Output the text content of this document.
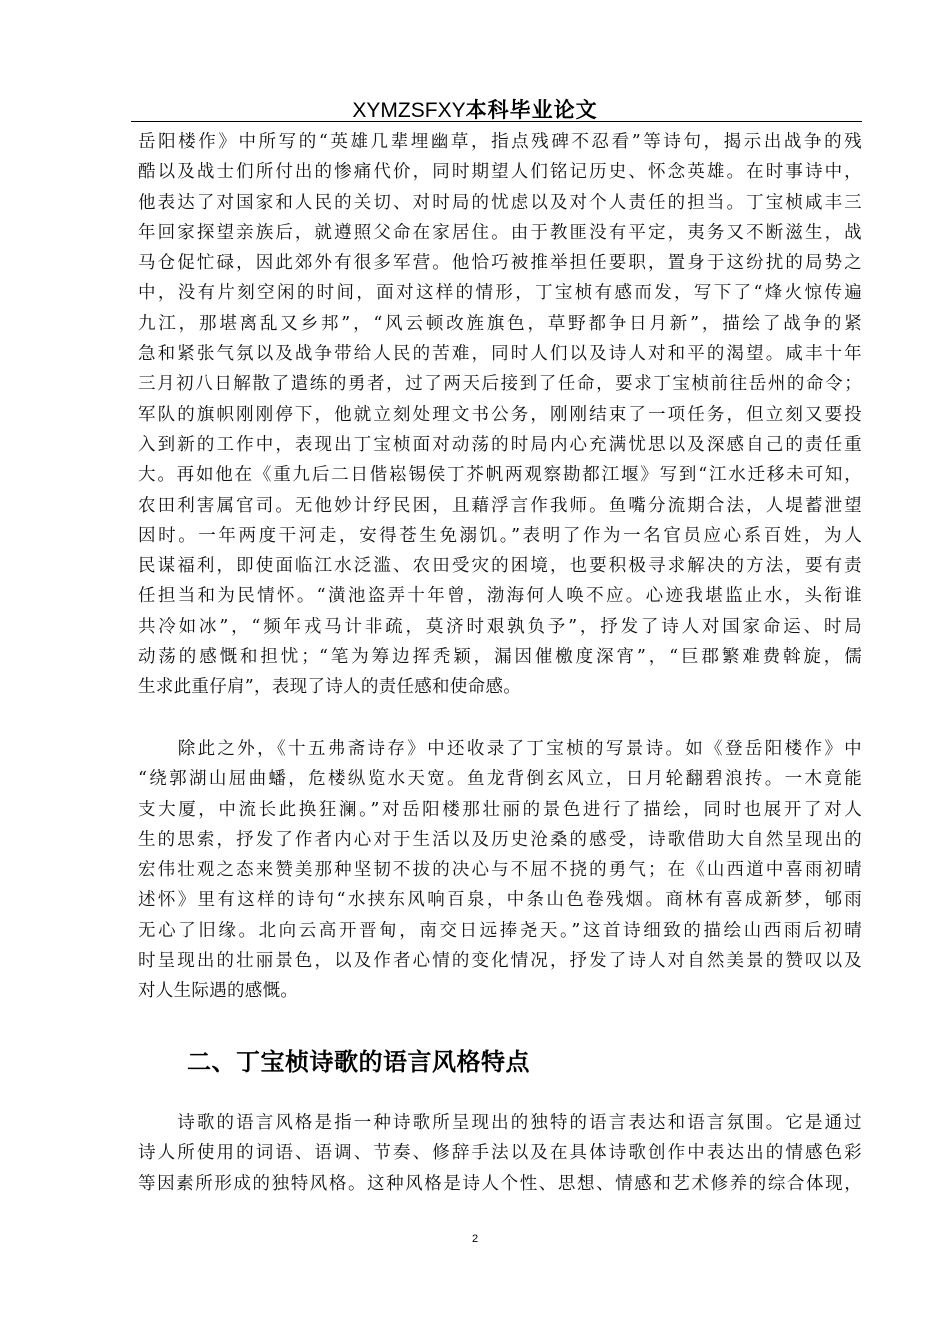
XYMZSFXY本科毕业论文
岳阳楼作》中所写的“英雄几辈埋幽草，指点残碑不忍看”等诗句，揭示出战争的残
酷以及战士们所付出的惨痛代价，同时期望人们铭记历史、怀念英雄。在时事诗中，
他表达了对国家和人民的关切、对时局的忧虑以及对个人责任的担当。丁宝桢咸丰三
年回家探望亲族后，就遵照父命在家居住。由于教匪没有平定，夷务又不断滋生，战
马仓促忙碌，因此郊外有很多军营。他恰巧被推举担任要职，置身于这纷扰的局势之
中，没有片刻空闲的时间，面对这样的情形，丁宝桢有感而发，写下了“烽火惊传遍
九江，那堪离乱又乡邦”，“风云顿改旌旗色，草野都争日月新”，描绘了战争的紧
急和紧张气氛以及战争带给人民的苦难，同时人们以及诗人对和平的渴望。咸丰十年
三月初八日解散了遣练的勇者，过了两天后接到了任命，要求丁宝桢前往岳州的命令；
军队的旗帜刚刚停下，他就立刻处理文书公务，刚刚结束了一项任务，但立刻又要投
入到新的工作中，表现出丁宝桢面对动荡的时局内心充满忧思以及深感自己的责任重
大。再如他在《重九后二日偕崧锡侯丁芥帆两观察勘都江堰》写到“江水迁移未可知，
农田利害属官司。无他妙计纾民困，且藉浮言作我师。鱼嘴分流期合法，人堤蓄泄望
因时。一年两度干河走，安得苍生免溺饥。”表明了作为一名官员应心系百姓，为人
民谋福利，即使面临江水泛滥、农田受灾的困境，也要积极寻求解决的方法，要有责
任担当和为民情怀。“潢池盗弄十年曾，渤海何人唤不应。心迹我堪监止水，头衔谁
共冷如冰”，“频年戎马计非疏，莫济时艰孰负予”，抒发了诗人对国家命运、时局
动荡的感慨和担忧；“笔为筹边挥秃颖，漏因催檄度深宵”，“巨郡繁难费斡旋，儒
生求此重仔肩”，表现了诗人的责任感和使命感。
　　除此之外，《十五弗斋诗存》中还收录了丁宝桢的写景诗。如《登岳阳楼作》中
“绕郭湖山屈曲蟠，危楼纵览水天宽。鱼龙背倒玄风立，日月轮翻碧浪抟。一木竟能
支大厦，中流长此换狂澜。”对岳阳楼那壮丽的景色进行了描绘，同时也展开了对人
生的思索，抒发了作者内心对于生活以及历史沧桑的感受，诗歌借助大自然呈现出的
宏伟壮观之态来赞美那种坚韧不拔的决心与不屈不挠的勇气；在《山西道中喜雨初晴
述怀》里有这样的诗句“水挟东风响百泉，中条山色卷残烟。商林有喜成新梦，郇雨
无心了旧缘。北向云高开晋甸，南交日远捧尧天。”这首诗细致的描绘山西雨后初晴
时呈现出的壮丽景色，以及作者心情的变化情况，抒发了诗人对自然美景的赞叹以及
对人生际遇的感慨。
二、丁宝桢诗歌的语言风格特点
　　诗歌的语言风格是指一种诗歌所呈现出的独特的语言表达和语言氛围。它是通过
诗人所使用的词语、语调、节奏、修辞手法以及在具体诗歌创作中表达出的情感色彩
等因素所形成的独特风格。这种风格是诗人个性、思想、情感和艺术修养的综合体现，
2
